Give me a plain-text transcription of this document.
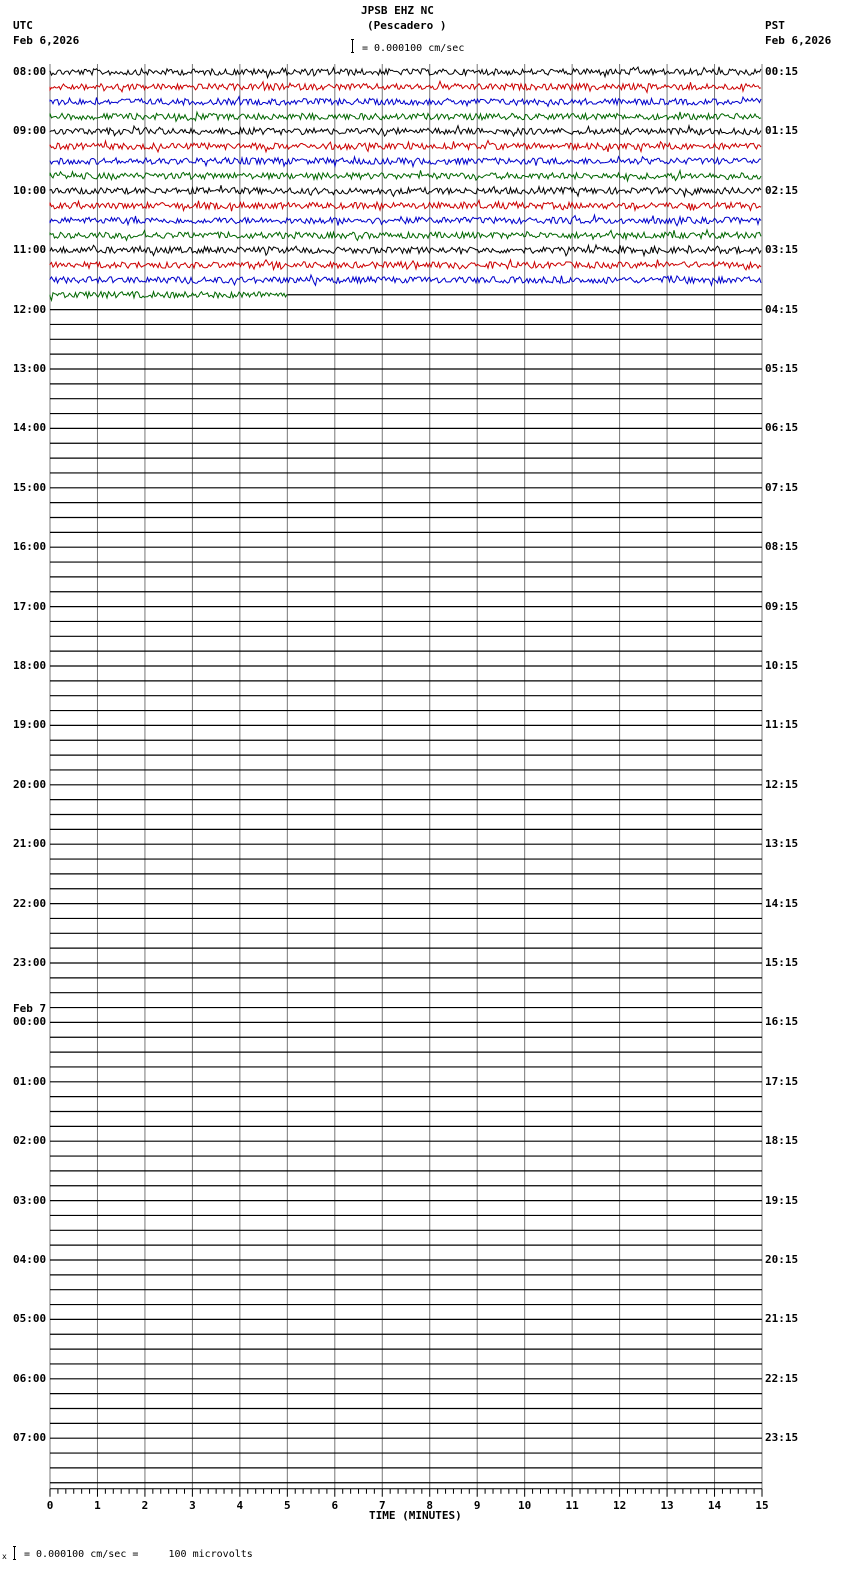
0	1	2	3	4	5	6	7	8	9	10	11	12	13	14	15
JPSB EHZ NC
(Pescadero )
= 0.000100 cm/sec
UTC
Feb 6,2026
PST
Feb 6,2026
08:00
09:00
10:00
11:00
12:00
13:00
14:00
15:00
16:00
17:00
18:00
19:00
20:00
21:00
22:00
23:00
00:00
01:00
02:00
03:00
04:00
05:00
06:00
07:00
00:15
01:15
02:15
03:15
04:15
05:15
06:15
07:15
08:15
09:15
10:15
11:15
12:15
13:15
14:15
15:15
16:15
17:15
18:15
19:15
20:15
21:15
22:15
23:15
Feb 7
TIME (MINUTES)
x = 0.000100 cm/sec =     100 microvolts
